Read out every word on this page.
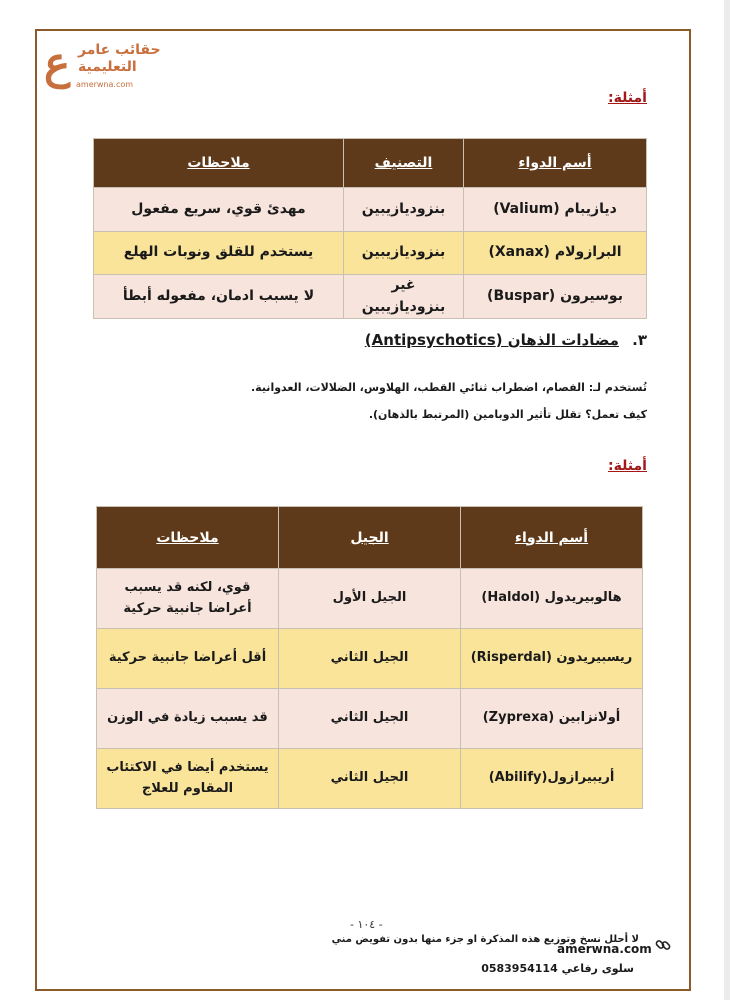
ع حقائب عامر
التعليمية
amerwna.com
أمثلة:
أسم الدواء	التصنيف	ملاحظات
ديازيبام (Valium)	بنزوديازيبين	مهدئ قوي، سريع مفعول
البرازولام (Xanax)	بنزوديازيبين	يستخدم للقلق ونوبات الهلع
بوسيرون (Buspar)	غير بنزوديازيبين	لا يسبب ادمان، مفعوله أبطأ
٣. مضادات الذهان (Antipsychotics)
تُستخدم لـ: الفصام، اضطراب ثنائي القطب، الهلاوس، الضلالات، العدوانية.
كيف تعمل؟ تقلل تأثير الدوبامين (المرتبط بالذهان).
أمثلة:
أسم الدواء	الجيل	ملاحظات
هالوبيريدول (Haldol)	الجيل الأول	قوي، لكنه قد يسبب أعراضا جانبية حركية
ريسبيريدون (Risperdal)	الجيل الثاني	أقل أعراضا جانبية حركية
أولانزابين (Zyprexa)	الجيل الثاني	قد يسبب زيادة في الوزن
أريبيرازول(Abilify)	الجيل الثاني	يستخدم أيضا في الاكتئاب المقاوم للعلاج
- ١٠٤ -
لا أحلل نسخ وتوزيع هذه المذكرة او جزء منها بدون تفويض مني
سلوى رفاعي 0583954114
amerwna.com
